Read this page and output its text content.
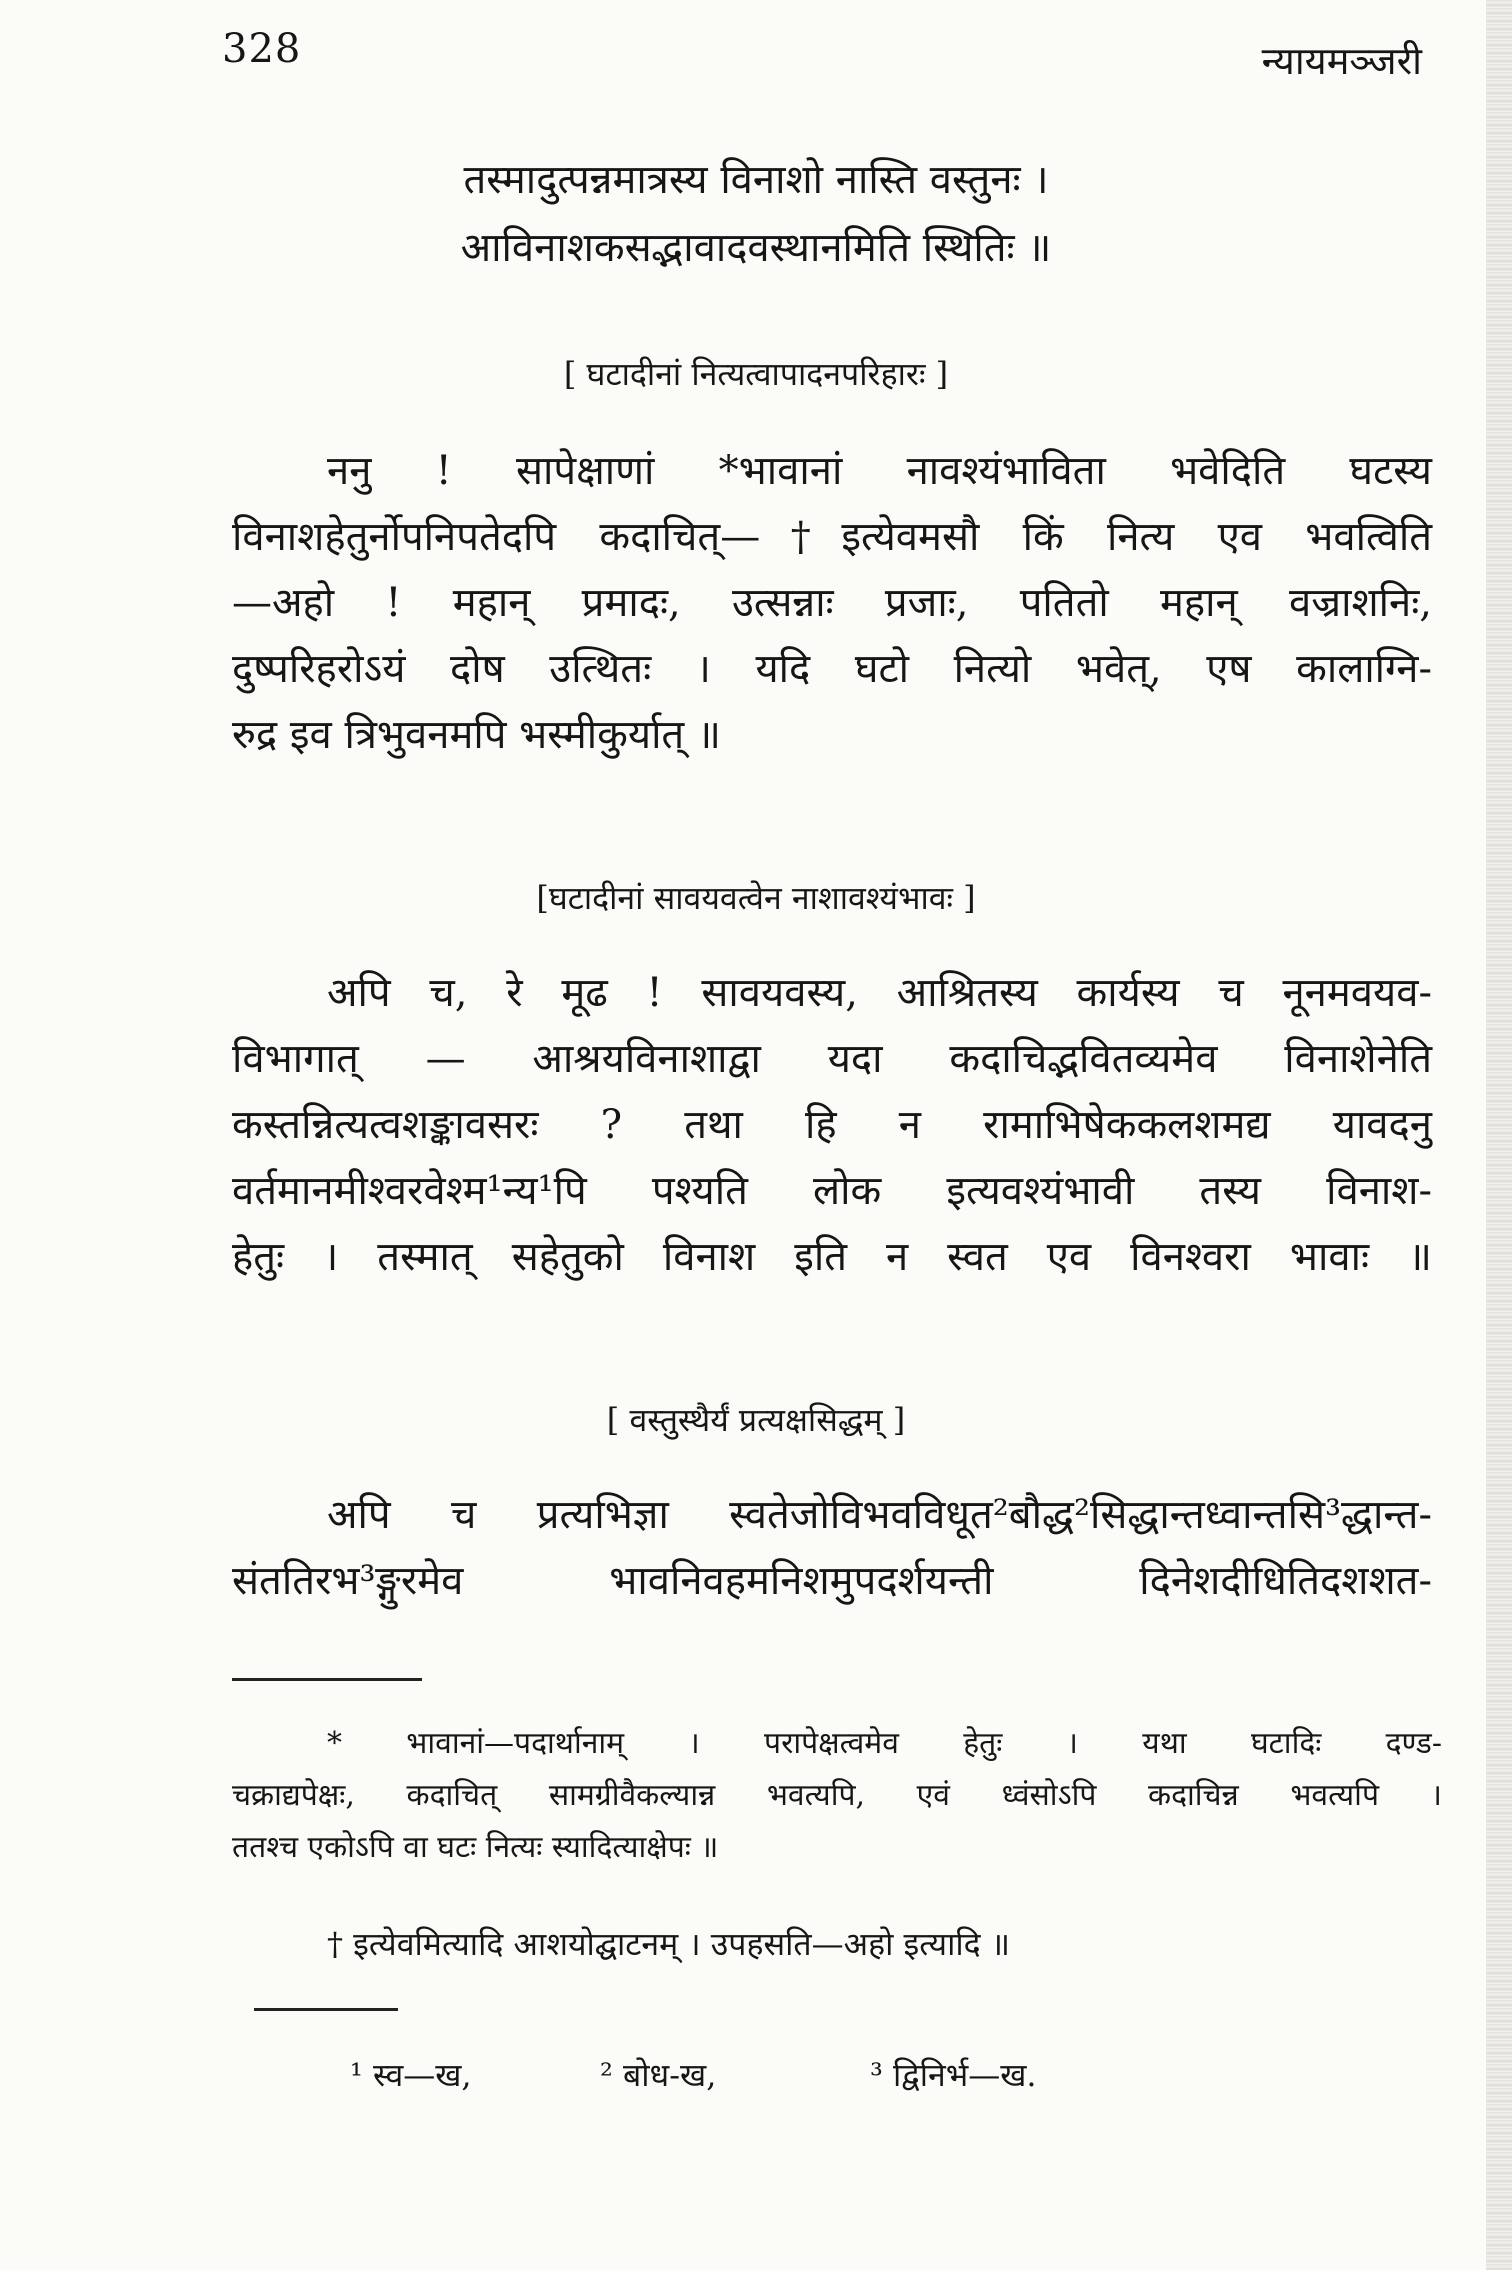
328	न्यायमञ्जरी
तस्मादुत्पन्नमात्रस्य विनाशो नास्ति वस्तुनः ।
आविनाशकसद्भावादवस्थानमिति स्थितिः ॥
[ घटादीनां नित्यत्वापादनपरिहारः ]
ननु ! सापेक्षाणां *भावानां नावश्यंभाविता भवेदिति घटस्य
विनाशहेतुर्नोपनिपतेदपि कदाचित्—†इत्येवमसौ किं नित्य एव भवत्विति
—अहो ! महान् प्रमादः, उत्सन्नाः प्रजाः, पतितो महान् वज्राशनिः,
दुष्परिहरोऽयं दोष उत्थितः । यदि घटो नित्यो भवेत्, एष कालाग्नि-
रुद्र इव त्रिभुवनमपि भस्मीकुर्यात् ॥
[घटादीनां सावयवत्वेन नाशावश्यंभावः ]
अपि च, रे मूढ ! सावयवस्य, आश्रितस्य कार्यस्य च नूनमवयव-
विभागात् — आश्रयविनाशाद्वा यदा कदाचिद्भवितव्यमेव विनाशेनेति
कस्तन्नित्यत्वशङ्कावसरः ? तथा हि न रामाभिषेककलशमद्य यावदनु
वर्तमानमीश्वरवेश्म¹न्य¹पि पश्यति लोक इत्यवश्यंभावी तस्य विनाश-
हेतुः । तस्मात् सहेतुको विनाश इति न स्वत एव विनश्वरा भावाः ॥
[ वस्तुस्थैर्यं प्रत्यक्षसिद्धम् ]
अपि च प्रत्यभिज्ञा स्वतेजोविभवविधूत²बौद्ध²सिद्धान्तध्वान्तसि³द्धान्त-
संततिरभ³ङ्गुरमेव भावनिवहमनिशमुपदर्शयन्ती दिनेशदीधितिदशशत-
* भावानां—पदार्थानाम् । परापेक्षत्वमेव हेतुः । यथा घटादिः दण्ड-
चक्राद्यपेक्षः, कदाचित् सामग्रीवैकल्यान्न भवत्यपि, एवं ध्वंसोऽपि कदाचिन्न भवत्यपि ।
ततश्च एकोऽपि वा घटः नित्यः स्यादित्याक्षेपः ॥
† इत्येवमित्यादि आशयोद्घाटनम् । उपहसति—अहो इत्यादि ॥
¹ स्व—ख,	² बोध-ख,	³ द्विनिर्भ—ख.
